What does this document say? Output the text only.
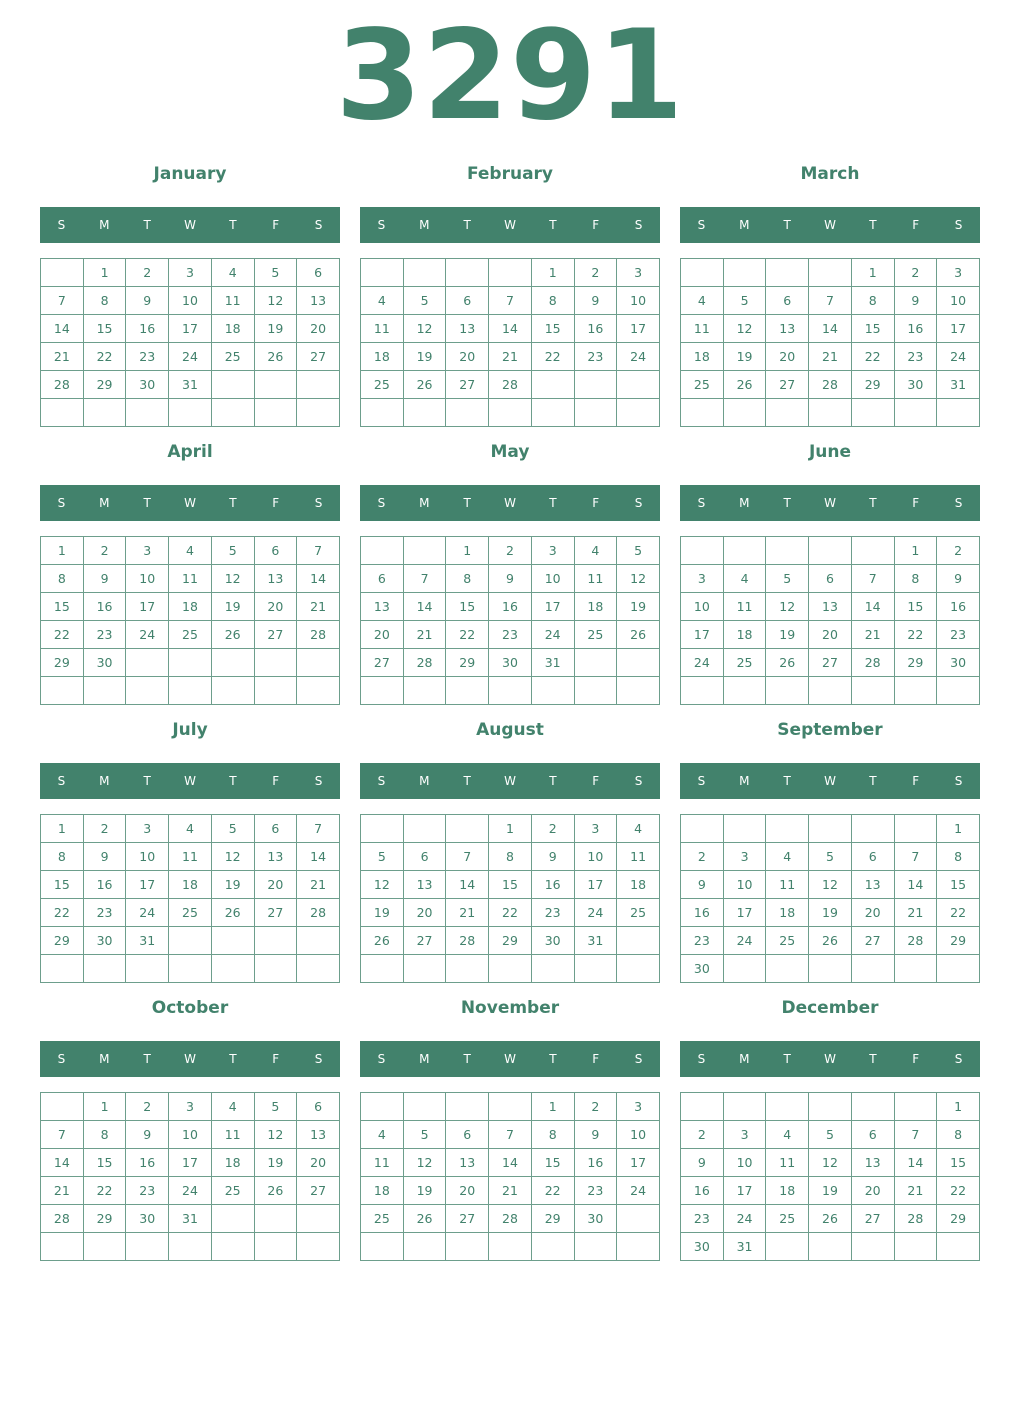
3291
January
S	M	T	W	T	F	S
	1	2	3	4	5	6
7	8	9	10	11	12	13
14	15	16	17	18	19	20
21	22	23	24	25	26	27
28	29	30	31			

February
S	M	T	W	T	F	S
				1	2	3
4	5	6	7	8	9	10
11	12	13	14	15	16	17
18	19	20	21	22	23	24
25	26	27	28			

March
S	M	T	W	T	F	S
				1	2	3
4	5	6	7	8	9	10
11	12	13	14	15	16	17
18	19	20	21	22	23	24
25	26	27	28	29	30	31

April
S	M	T	W	T	F	S
1	2	3	4	5	6	7
8	9	10	11	12	13	14
15	16	17	18	19	20	21
22	23	24	25	26	27	28
29	30					

May
S	M	T	W	T	F	S
		1	2	3	4	5
6	7	8	9	10	11	12
13	14	15	16	17	18	19
20	21	22	23	24	25	26
27	28	29	30	31		

June
S	M	T	W	T	F	S
					1	2
3	4	5	6	7	8	9
10	11	12	13	14	15	16
17	18	19	20	21	22	23
24	25	26	27	28	29	30

July
S	M	T	W	T	F	S
1	2	3	4	5	6	7
8	9	10	11	12	13	14
15	16	17	18	19	20	21
22	23	24	25	26	27	28
29	30	31				

August
S	M	T	W	T	F	S
			1	2	3	4
5	6	7	8	9	10	11
12	13	14	15	16	17	18
19	20	21	22	23	24	25
26	27	28	29	30	31	

September
S	M	T	W	T	F	S
						1
2	3	4	5	6	7	8
9	10	11	12	13	14	15
16	17	18	19	20	21	22
23	24	25	26	27	28	29
30						
October
S	M	T	W	T	F	S
	1	2	3	4	5	6
7	8	9	10	11	12	13
14	15	16	17	18	19	20
21	22	23	24	25	26	27
28	29	30	31			

November
S	M	T	W	T	F	S
				1	2	3
4	5	6	7	8	9	10
11	12	13	14	15	16	17
18	19	20	21	22	23	24
25	26	27	28	29	30	

December
S	M	T	W	T	F	S
						1
2	3	4	5	6	7	8
9	10	11	12	13	14	15
16	17	18	19	20	21	22
23	24	25	26	27	28	29
30	31					
